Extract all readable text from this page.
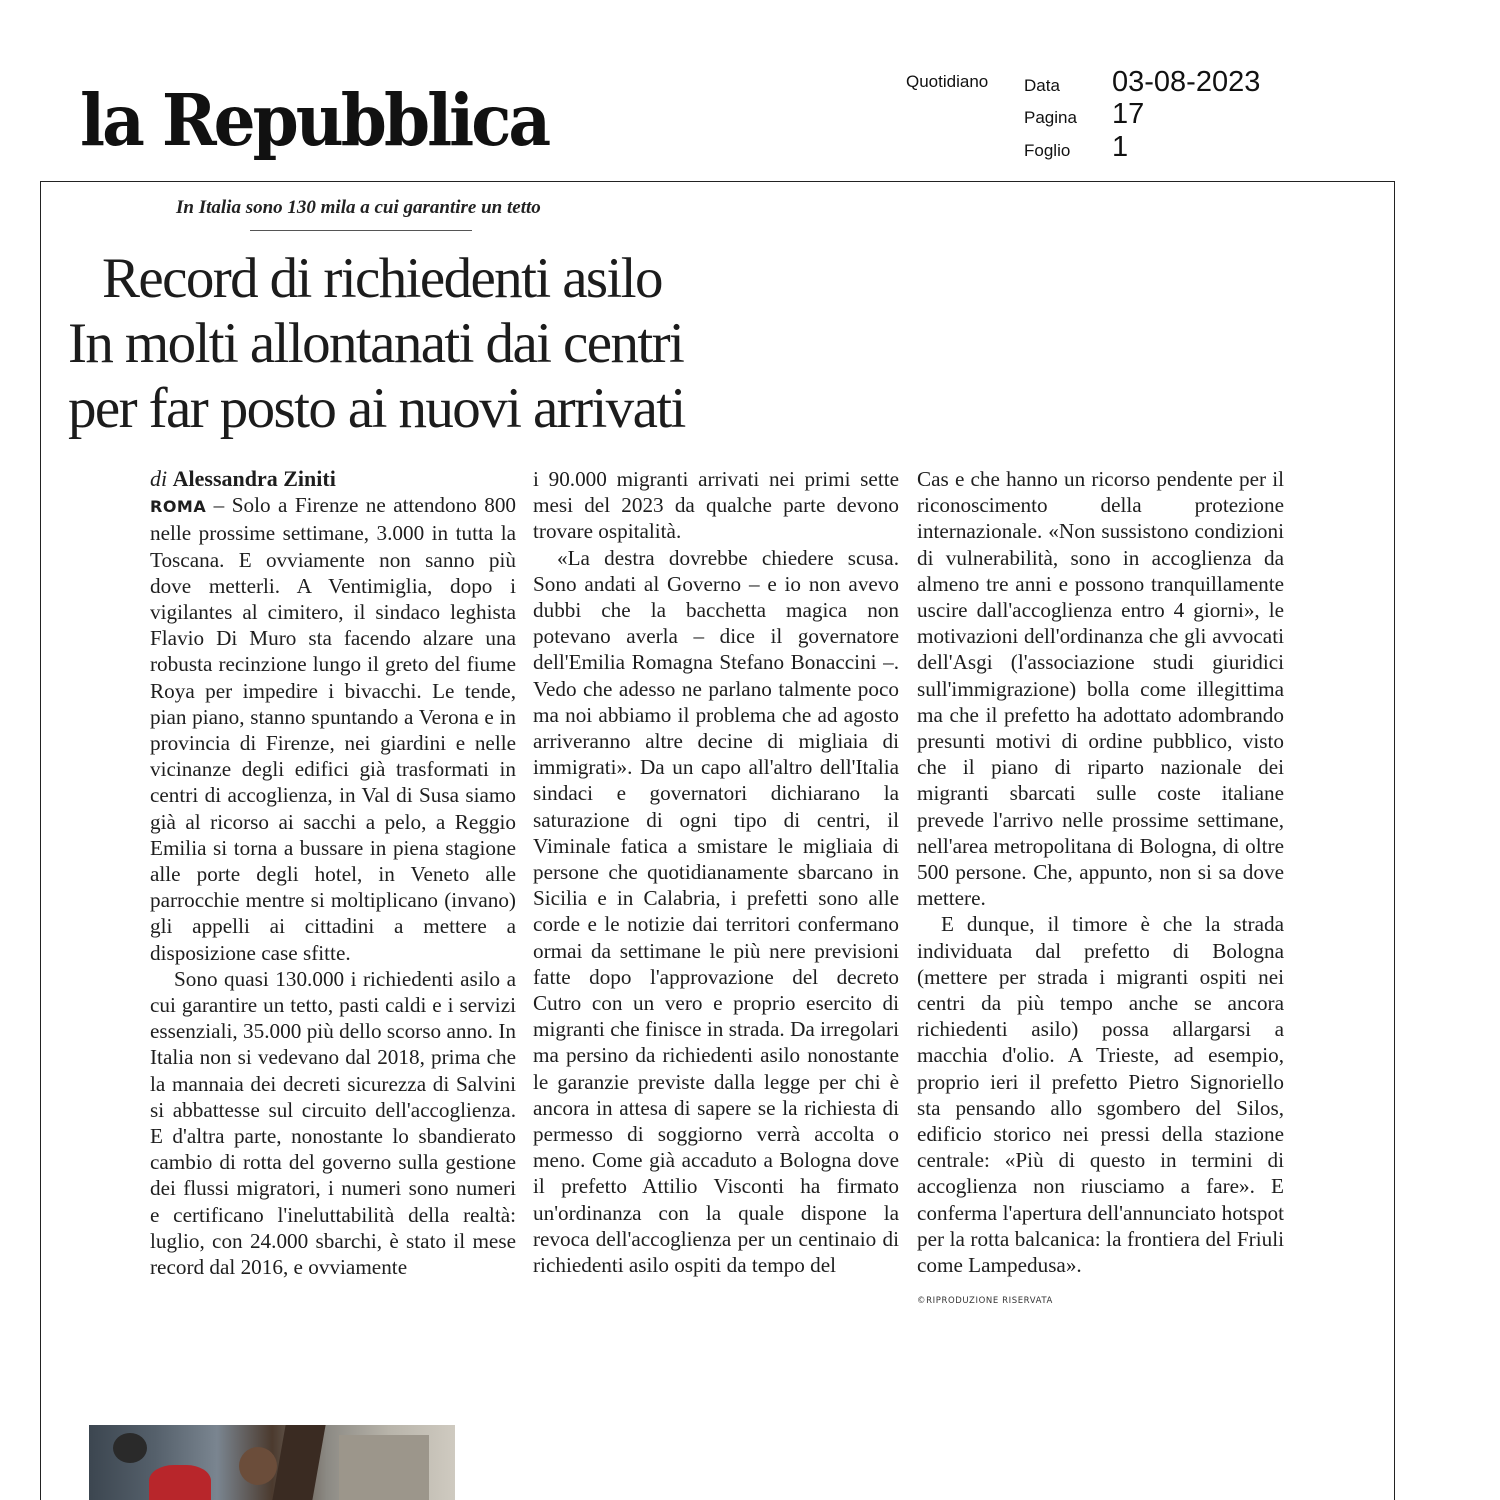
la Repubblica	Quotidiano Data 03-08-2023
Pagina 17
Foglio 1
In Italia sono 130 mila a cui garantire un tetto
Record di richiedenti asilo
In molti allontanati dai centri
per far posto ai nuovi arrivati
di Alessandra Ziniti

ROMA – Solo a Firenze ne attendono 800 nelle prossime settimane, 3.000 in tutta la Toscana. E ovviamente non sanno più dove metterli. A Ventimiglia, dopo i vigilantes al cimitero, il sindaco leghista Flavio Di Muro sta facendo alzare una robusta recinzione lungo il greto del fiume Roya per impedire i bivacchi. Le tende, pian piano, stanno spuntando a Verona e in provincia di Firenze, nei giardini e nelle vicinanze degli edifici già trasformati in centri di accoglienza, in Val di Susa siamo già al ricorso ai sacchi a pelo, a Reggio Emilia si torna a bussare in piena stagione alle porte degli hotel, in Veneto alle parrocchie mentre si moltiplicano (invano) gli appelli ai cittadini a mettere a disposizione case sfitte.

Sono quasi 130.000 i richiedenti asilo a cui garantire un tetto, pasti caldi e i servizi essenziali, 35.000 più dello scorso anno. In Italia non si vedevano dal 2018, prima che la mannaia dei decreti sicurezza di Salvini si abbattesse sul circuito dell'accoglienza. E d'altra parte, nonostante lo sbandierato cambio di rotta del governo sulla gestione dei flussi migratori, i numeri sono numeri e certificano l'ineluttabilità della realtà: luglio, con 24.000 sbarchi, è stato il mese record dal 2016, e ovviamente

i 90.000 migranti arrivati nei primi sette mesi del 2023 da qualche parte devono trovare ospitalità.

«La destra dovrebbe chiedere scusa. Sono andati al Governo – e io non avevo dubbi che la bacchetta magica non potevano averla – dice il governatore dell'Emilia Romagna Stefano Bonaccini –. Vedo che adesso ne parlano talmente poco ma noi abbiamo il problema che ad agosto arriveranno altre decine di migliaia di immigrati». Da un capo all'altro dell'Italia sindaci e governatori dichiarano la saturazione di ogni tipo di centri, il Viminale fatica a smistare le migliaia di persone che quotidianamente sbarcano in Sicilia e in Calabria, i prefetti sono alle corde e le notizie dai territori confermano ormai da settimane le più nere previsioni fatte dopo l'approvazione del decreto Cutro con un vero e proprio esercito di migranti che finisce in strada. Da irregolari ma persino da richiedenti asilo nonostante le garanzie previste dalla legge per chi è ancora in attesa di sapere se la richiesta di permesso di soggiorno verrà accolta o meno. Come già accaduto a Bologna dove il prefetto Attilio Visconti ha firmato un'ordinanza con la quale dispone la revoca dell'accoglienza per un centinaio di richiedenti asilo ospiti da tempo del

Cas e che hanno un ricorso pendente per il riconoscimento della protezione internazionale. «Non sussistono condizioni di vulnerabilità, sono in accoglienza da almeno tre anni e possono tranquillamente uscire dall'accoglienza entro 4 giorni», le motivazioni dell'ordinanza che gli avvocati dell'Asgi (l'associazione studi giuridici sull'immigrazione) bolla come illegittima ma che il prefetto ha adottato adombrando presunti motivi di ordine pubblico, visto che il piano di riparto nazionale dei migranti sbarcati sulle coste italiane prevede l'arrivo nelle prossime settimane, nell'area metropolitana di Bologna, di oltre 500 persone. Che, appunto, non si sa dove mettere.

E dunque, il timore è che la strada individuata dal prefetto di Bologna (mettere per strada i migranti ospiti nei centri da più tempo anche se ancora richiedenti asilo) possa allargarsi a macchia d'olio. A Trieste, ad esempio, proprio ieri il prefetto Pietro Signoriello sta pensando allo sgombero del Silos, edificio storico nei pressi della stazione centrale: «Più di questo in termini di accoglienza non riusciamo a fare». E conferma l'apertura dell'annunciato hotspot per la rotta balcanica: la frontiera del Friuli come Lampedusa».

©RIPRODUZIONE RISERVATA
